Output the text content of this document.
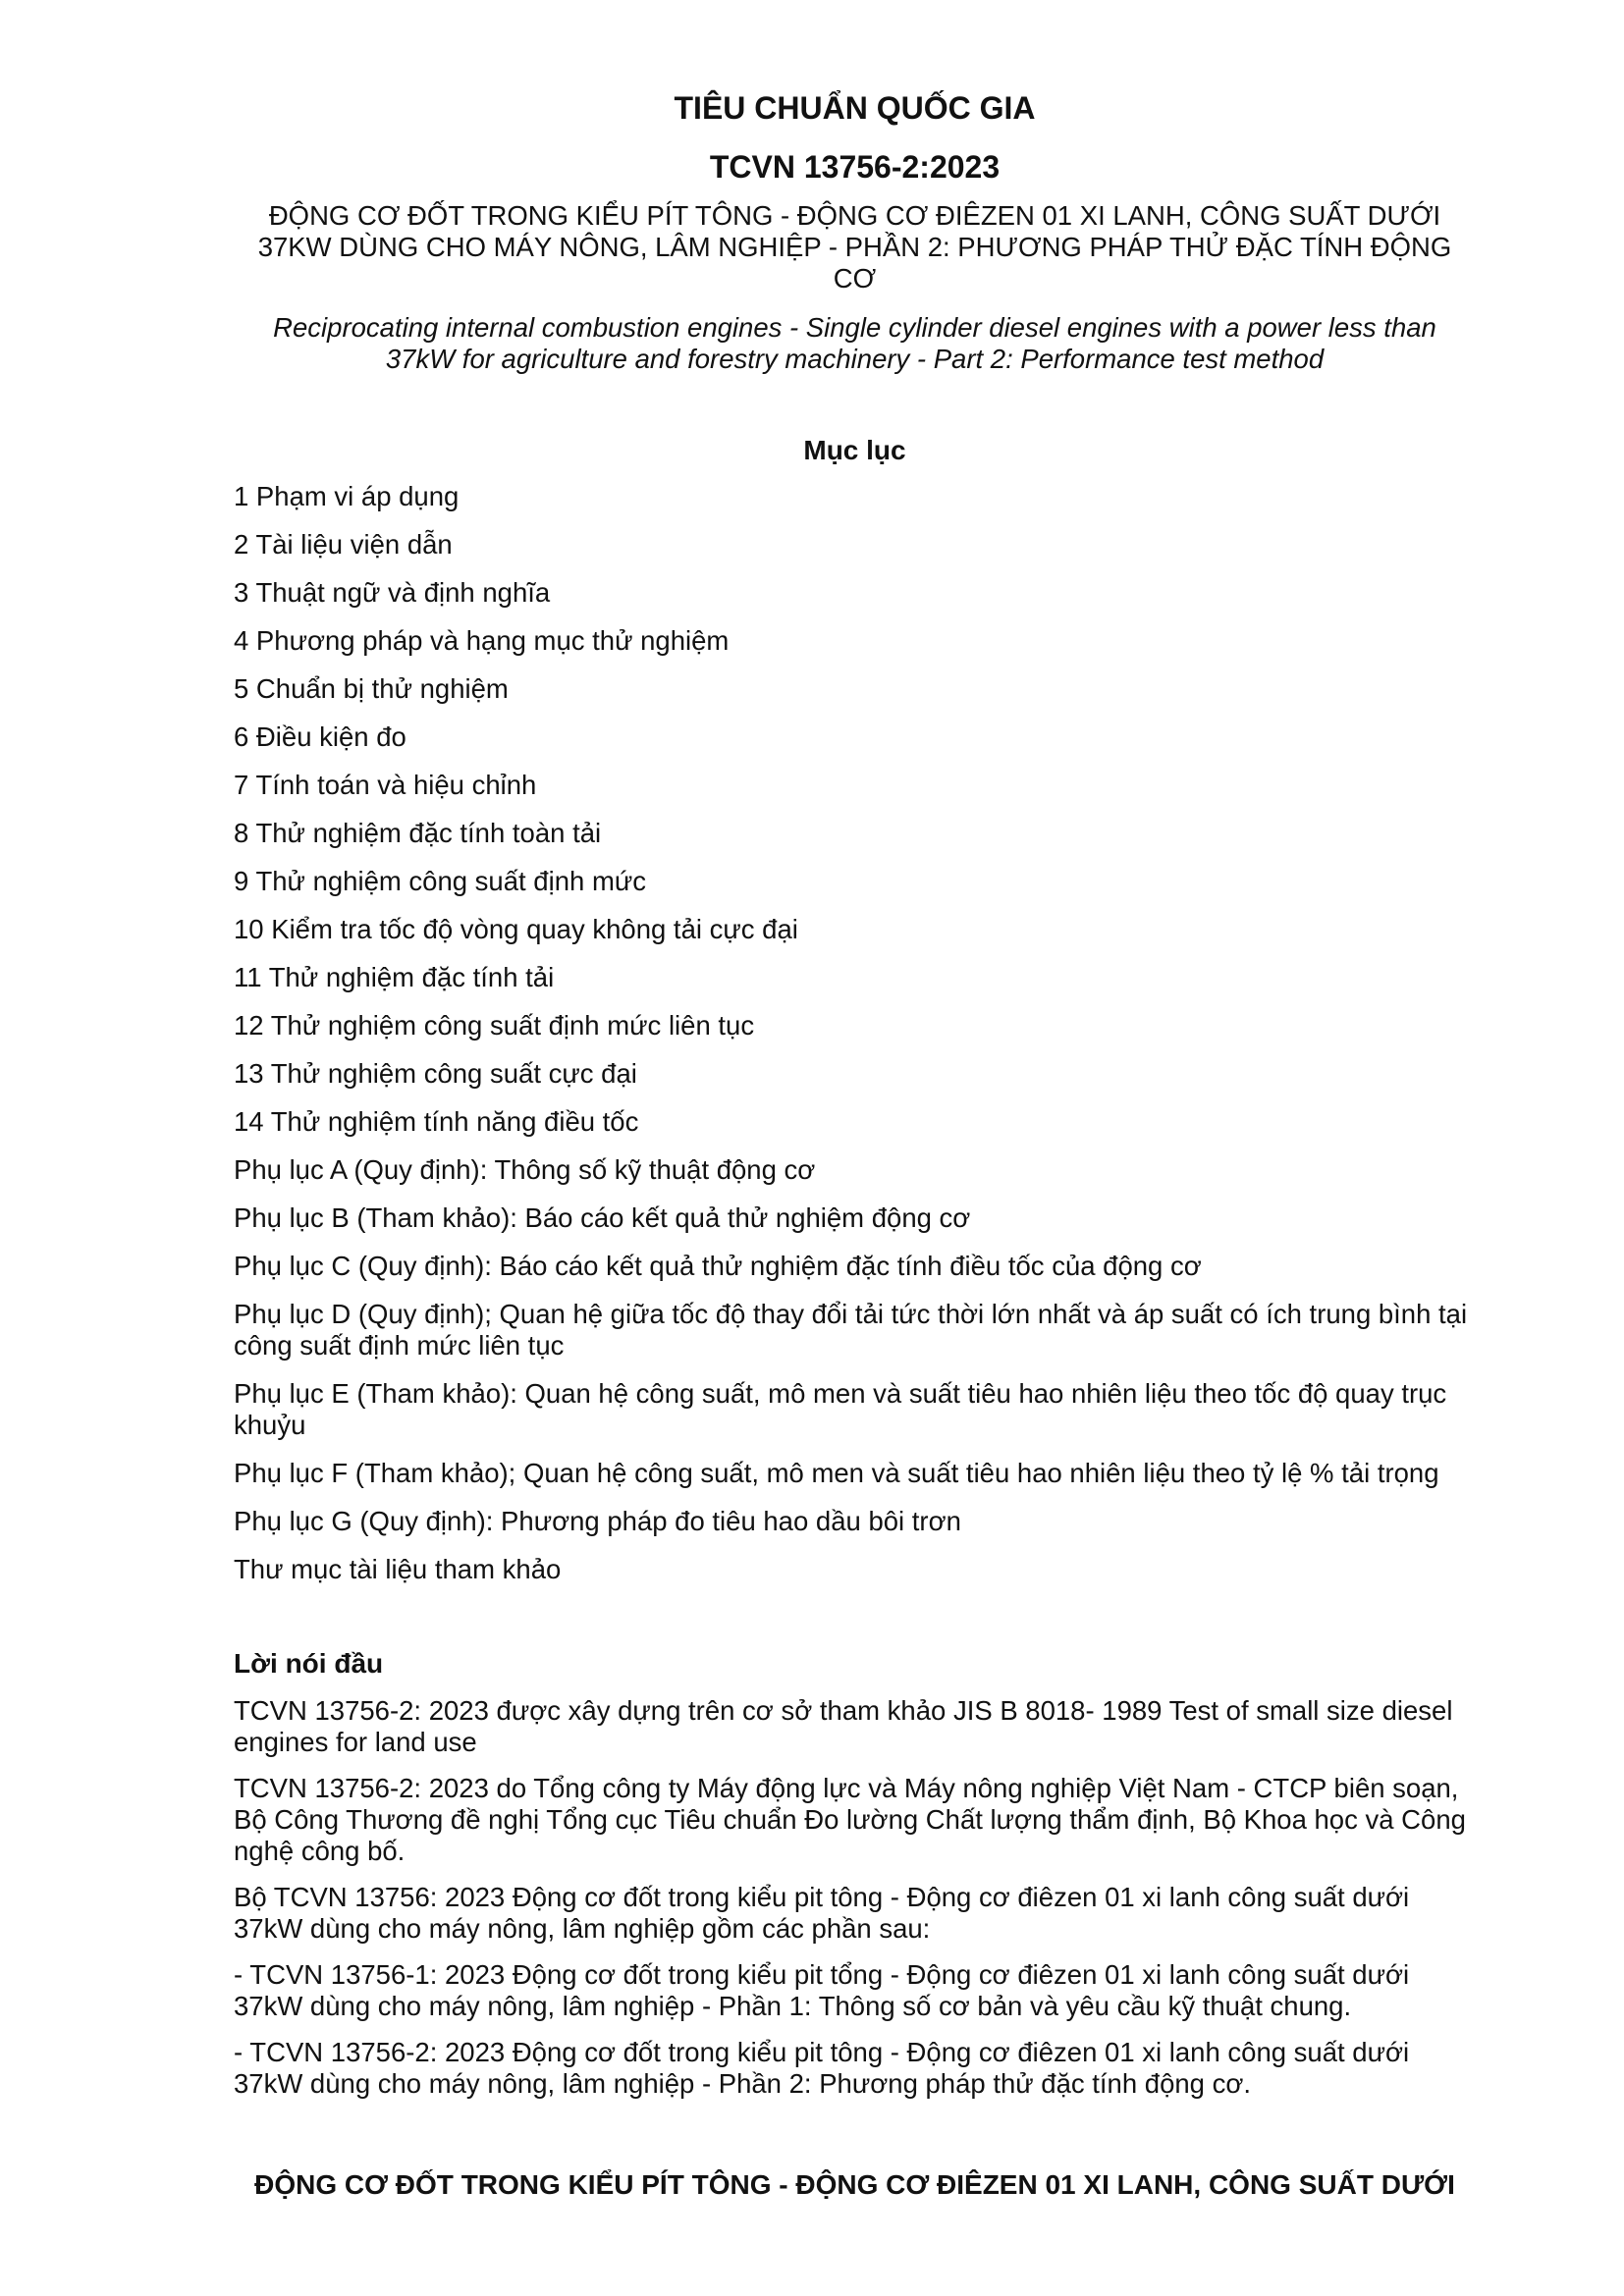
TIÊU CHUẨN QUỐC GIA
TCVN 13756-2:2023

ĐỘNG CƠ ĐỐT TRONG KIỂU PÍT TÔNG - ĐỘNG CƠ ĐIÊZEN 01 XI LANH, CÔNG SUẤT DƯỚI 37KW DÙNG CHO MÁY NÔNG, LÂM NGHIỆP - PHẦN 2: PHƯƠNG PHÁP THỬ ĐẶC TÍNH ĐỘNG CƠ

Reciprocating internal combustion engines - Single cylinder diesel engines with a power less than 37kW for agriculture and forestry machinery - Part 2: Performance test method

Mục lục
1 Phạm vi áp dụng
2 Tài liệu viện dẫn
3 Thuật ngữ và định nghĩa
4 Phương pháp và hạng mục thử nghiệm
5 Chuẩn bị thử nghiệm
6 Điều kiện đo
7 Tính toán và hiệu chỉnh
8 Thử nghiệm đặc tính toàn tải
9 Thử nghiệm công suất định mức
10 Kiểm tra tốc độ vòng quay không tải cực đại
11 Thử nghiệm đặc tính tải
12 Thử nghiệm công suất định mức liên tục
13 Thử nghiệm công suất cực đại
14 Thử nghiệm tính năng điều tốc
Phụ lục A (Quy định): Thông số kỹ thuật động cơ
Phụ lục B (Tham khảo): Báo cáo kết quả thử nghiệm động cơ
Phụ lục C (Quy định): Báo cáo kết quả thử nghiệm đặc tính điều tốc của động cơ
Phụ lục D (Quy định); Quan hệ giữa tốc độ thay đổi tải tức thời lớn nhất và áp suất có ích trung bình tại công suất định mức liên tục
Phụ lục E (Tham khảo): Quan hệ công suất, mô men và suất tiêu hao nhiên liệu theo tốc độ quay trục khuỷu
Phụ lục F (Tham khảo); Quan hệ công suất, mô men và suất tiêu hao nhiên liệu theo tỷ lệ % tải trọng
Phụ lục G (Quy định): Phương pháp đo tiêu hao dầu bôi trơn
Thư mục tài liệu tham khảo
Lời nói đầu

TCVN 13756-2: 2023 được xây dựng trên cơ sở tham khảo JIS B 8018- 1989 Test of small size diesel engines for land use

TCVN 13756-2: 2023 do Tổng công ty Máy động lực và Máy nông nghiệp Việt Nam - CTCP biên soạn, Bộ Công Thương đề nghị Tổng cục Tiêu chuẩn Đo lường Chất lượng thẩm định, Bộ Khoa học và Công nghệ công bố.

Bộ TCVN 13756: 2023 Động cơ đốt trong kiểu pit tông - Động cơ điêzen 01 xi lanh công suất dưới 37kW dùng cho máy nông, lâm nghiệp gồm các phần sau:

- TCVN 13756-1: 2023 Động cơ đốt trong kiểu pit tổng - Động cơ điêzen 01 xi lanh công suất dưới 37kW dùng cho máy nông, lâm nghiệp - Phần 1: Thông số cơ bản và yêu cầu kỹ thuật chung.

- TCVN 13756-2: 2023 Động cơ đốt trong kiểu pit tông - Động cơ điêzen 01 xi lanh công suất dưới 37kW dùng cho máy nông, lâm nghiệp - Phần 2: Phương pháp thử đặc tính động cơ.

ĐỘNG CƠ ĐỐT TRONG KIỂU PÍT TÔNG - ĐỘNG CƠ ĐIÊZEN 01 XI LANH, CÔNG SUẤT DƯỚI
